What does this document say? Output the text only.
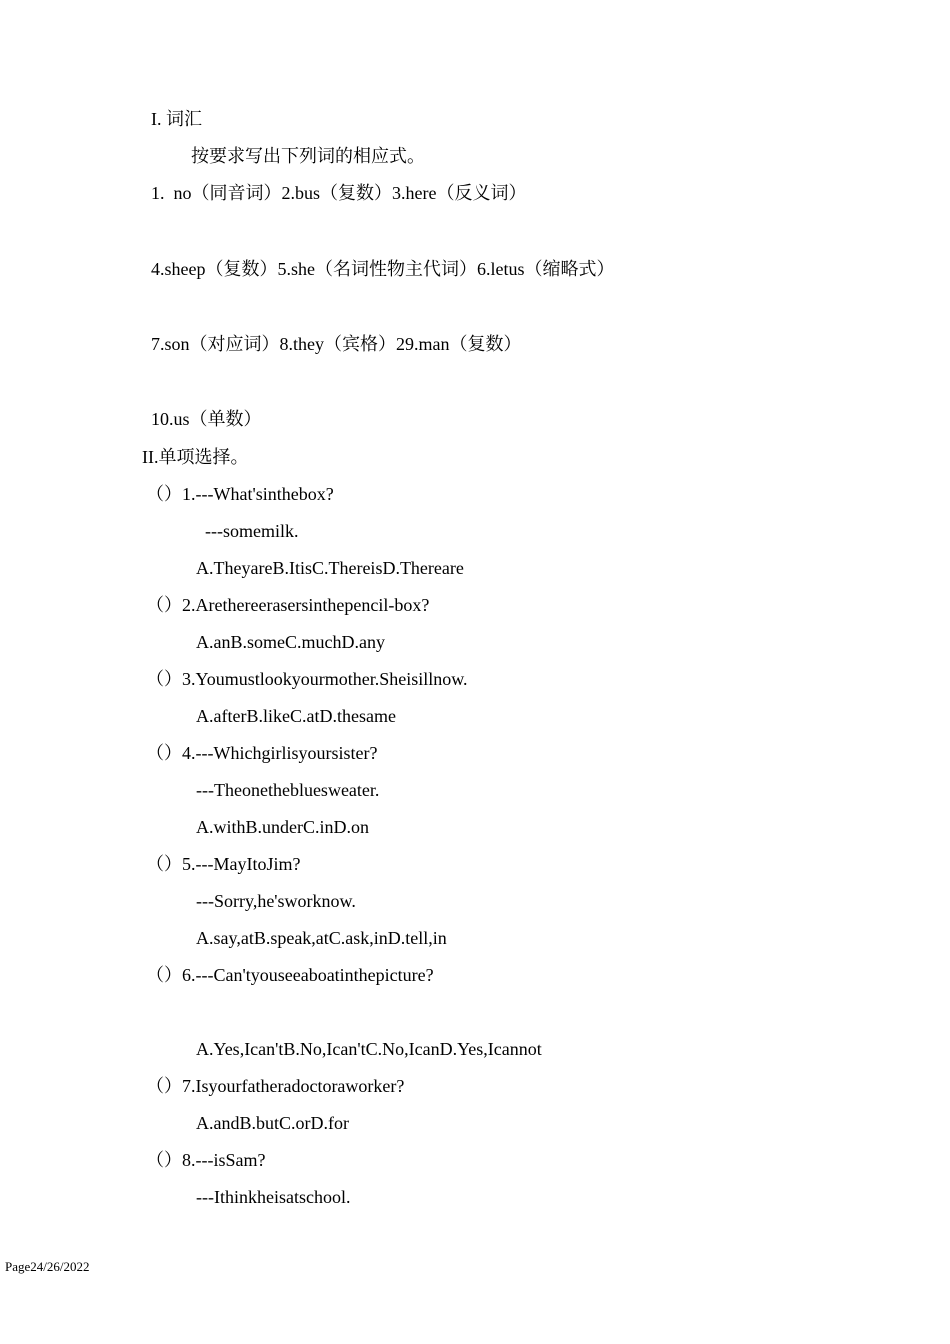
I. 词汇
按要求写出下列词的相应式。
1.  no（同音词）2.bus（复数）3.here（反义词）
4.sheep（复数）5.she（名词性物主代词）6.letus（缩略式）
7.son（对应词）8.they（宾格）29.man（复数）
10.us（单数）
II.单项选择。
（）1.---What'sinthebox?
---somemilk.
A.TheyareB.ItisC.ThereisD.Thereare
（）2.Arethereerasersinthepencil-box?
A.anB.someC.muchD.any
（）3.Youmustlookyourmother.Sheisillnow.
A.afterB.likeC.atD.thesame
（）4.---Whichgirlisyoursister?
---Theonethebluesweater.
A.withB.underC.inD.on
（）5.---MayItoJim?
---Sorry,he'sworknow.
A.say,atB.speak,atC.ask,inD.tell,in
（）6.---Can'tyouseeaboatinthepicture?
A.Yes,Ican'tB.No,Ican'tC.No,IcanD.Yes,Icannot
（）7.Isyourfatheradoctoraworker?
A.andB.butC.orD.for
（）8.---isSam?
---Ithinkheisatschool.
Page24/26/2022
